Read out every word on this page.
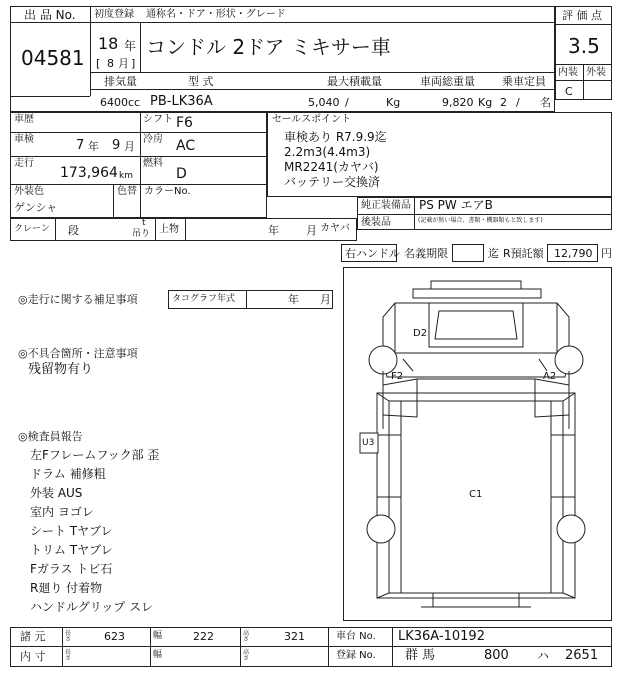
出 品 No.
04581
初度登録 通称名・ドア・形状・グレード
18 年
[ 8 月 ]
コンドル 2ドア ミキサー車
排気量	型 式	最大積載量	車両総重量 乗車定員
6400 cc PB-LK36A	5,040 /	Kg	9,820 Kg 2 / 名
評 価 点
3.5
内装 外装
C
車歴	シフト F6
車検	7 年 9 月
冷房 AC
走行
173,964 km
燃料
D
外装色
ゲンシャ
色替 カラーNo.
セールスポイント
車検あり R7.9.9迄
2.2m3(4.4m3)
MR2241(カヤバ)
バッテリー交換済
純正装備品 PS PW エアB
後装品	(記載が無い場合、書類・機器類もと致します)
クレーン 段
t
吊り 上物	年 月 カヤバ
右ハンドル 名義期限	迄 R預託額 12,790 円
◎走行に関する補足事項	タコグラフ年式	年 月
◎不具合箇所・注意事項
残留物有り
◎検査員報告
左Fフレームフック部 歪
ドラム 補修粗
外装 AUS
室内 ヨゴレ
シート Tヤブレ
トリム Tヤブレ
Fガラス トビ石
R廻り 付着物
ハンドルグリップ スレ
D2
F2	A2
U3
C1
諸 元	長さ	623	幅	222	高さ	321	車台 No. LK36A-10192
内 寸	長さ	幅	高さ	登録 No. 群 馬	800 ハ 2651
